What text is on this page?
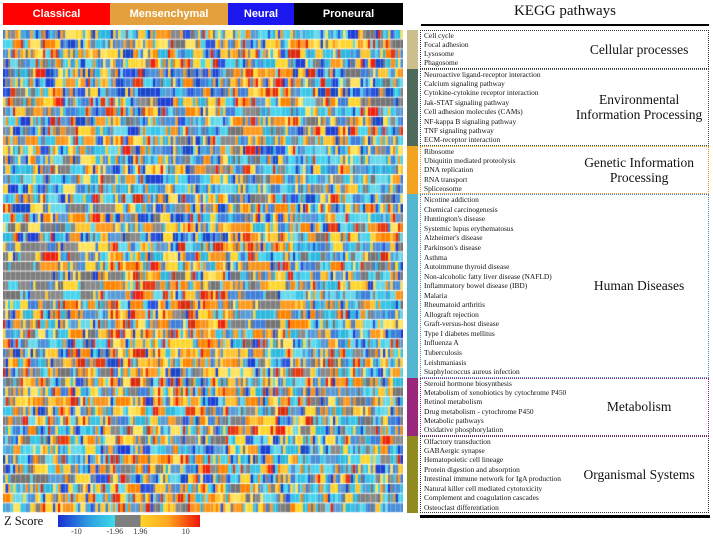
Classical	Mensenchymal	Neural	Proneural	KEGG pathways
Cell cycle
Focal adhesion
Lysosome
Phagosome
Cellular processes
Neuroactive ligand-receptor interaction
Calcium signaling pathway
Cytokine-cytokine receptor interaction
Jak-STAT signaling pathway
Cell adhesion molecules (CAMs)
NF-kappa B signaling pathway
TNF signaling pathway
ECM-receptor interaction
Environmental Information Processing
Ribosome
Ubiquitin mediated proteolysis
DNA replication
RNA transport
Spliceosome
Genetic Information Processing
Nicotine addiction
Chemical carcinogenesis
Huntington's disease
Systemic lupus erythematosus
Alzheimer's disease
Parkinson's disease
Asthma
Autoimmune thyroid disease
Non-alcoholic fatty liver disease (NAFLD)
Inflammatory bowel disease (IBD)
Malaria
Rheumatoid arthritis
Allograft rejection
Graft-versus-host disease
Type I diabetes mellitus
Influenza A
Tuberculosis
Leishmaniasis
Staphylococcus aureus infection
Human Diseases
Steroid hormone biosynthesis
Metabolism of xenobiotics by cytochrome P450
Retinol metabolism
Drug metabolism - cytochrome P450
Metabolic pathways
Oxidative phosphorylation
Metabolism
Olfactory transduction
GABAergic synapse
Hematopoietic cell lineage
Protein digestion and absorption
Intestinal immune network for IgA production
Natural killer cell mediated cytotoxicity
Complement and coagulation cascades
Osteoclast differentiation
Organismal Systems
Z Score
-10	-1.96 1.96	10
